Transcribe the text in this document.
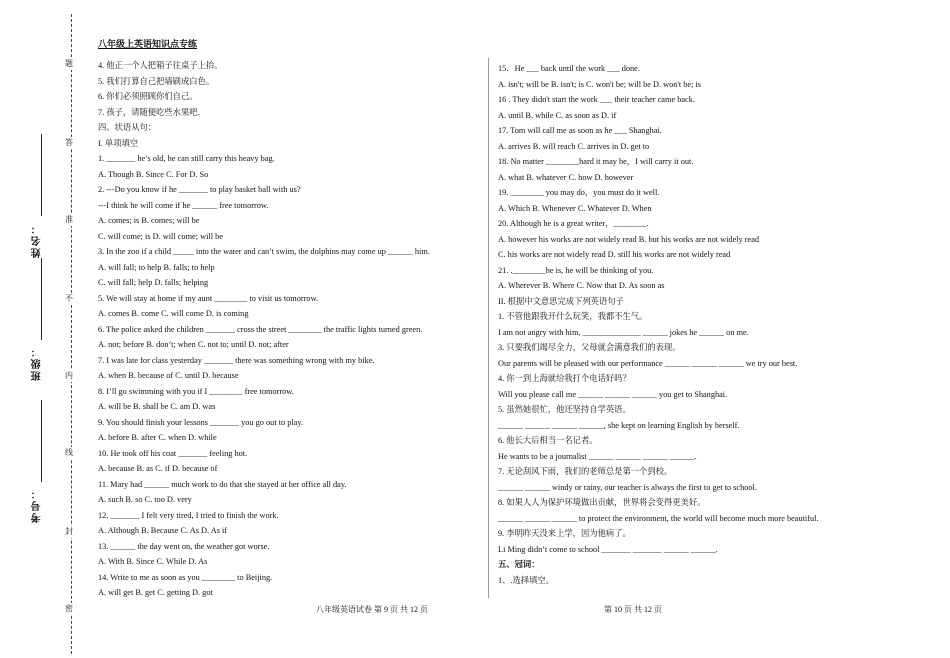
题
答
准
不
内
线
封
密
姓名：
班级：
考号：
八年级上英语知识点专练
4. 他正一个人把箱子往桌子上抬。
5. 我们打算自己把墙刷成白色。
6. 你们必须照顾你们自己。
7. 孩子，请随便吃些水果吧.
四、状语从句：
I. 单项填空
1. _______ he’s old, he can still carry this heavy bag.
A. Though B. Since C. For D. So
2. ---Do you know if he _______ to play basket ball with us?
---I think he will come if he ______ free tomorrow.
A. comes; is B. comes; will be
C. will come; is D. will come; will be
3. In the zoo if a child _____ into the water and can’t swim, the dolphins may come up ______ him.
A. will fall; to help B. falls; to help
C. will fall; help D. falls; helping
5. We will stay at home if my aunt ________ to visit us tomorrow.
A. comes B. come C. will come D. is coming
6. The police asked the children _______ cross the street ________ the traffic lights turned green.
A. not; before B. don’t; when C. not to; until D. not; after
7. I was late for class yesterday _______ there was something wrong with my bike.
A. when B. because of C. until D. because
8. I’ll go swimming with you if I ________ free tomorrow.
A. will be B. shall be C. am D. was
9. You should finish your lessons _______ you go out to play.
A. before B. after C. when D. while
10. He took off his coat _______ feeling hot.
A. because B. as C. if D. because of
11. Mary had ______ much work to do that she stayed at her office all day.
A. such B. so C. too D. very
12. _______ I felt very tired, I tried to finish the work.
A. Although B. Because C. As D. As if
13. ______ the day went on, the weather got worse.
A. With B. Since C. While D. As
14. Write to me as soon as you ________ to Beijing.
A. will get B. get C. getting D. got
15．He ___ back until the work ___ done.
A. isn't; will be B. isn't; is C. won't be; will be D. won't be; is
16 . They didn't start the work ___ their teacher came back.
A. until B. while C. as soon as D. if
17. Tom will call me as soon as he ___ Shanghai.
A. arrives B. will reach C. arrives in D. get to
18. No matter ________hard it may be，I will carry it out.
A. what B. whatever C. how D. however
19. ________ you may do，you must do it well.
A. Which B. Whenever C. Whatever D. When
20. Although he is a great writer，________.
A. however his works are not widely read B. but his works are not widely read
C. his works are not widely read D. still his works are not widely read
21. .________he is, he will be thinking of you.
A. Wherever B. Where C. Now that D. As soon as
II. 根据中文意思完成下列英语句子
1. 不管他跟我开什么玩笑，我都不生气。
I am not angry with him, ______________ ______ jokes he ______ on me.
3. 只要我们竭尽全力，父母就会满意我们的表现。
Our parents will be pleased with our performance ______ ______ ______ we try our best.
4. 你一到上海就给我打个电话好吗？
Will you please call me ______ ______ ______ you get to Shanghai.
5. 虽然她很忙，他还坚持自学英语。
______ ______ ______ ______, she kept on learning English by herself.
6. 他长大后相当一名记者。
He wants to be a journalist ______ ______ ______ ______.
7. 无论刮风下雨，我们的老师总是第一个到校。
______ ______ windy or rainy, our teacher is always the first to get to school.
8. 如果人人为保护环境做出贡献，世界将会变得更美好。
______ ______ ______ to protect the environment, the world will become much more beautiful.
9. 李明昨天没来上学，因为他病了。
Li Ming didn’t come to school _______ _______ ______ ______.
五、冠词：
1、.选择填空。
八年级英语试卷 第 9 页 共 12 页	第 10 页 共 12 页
